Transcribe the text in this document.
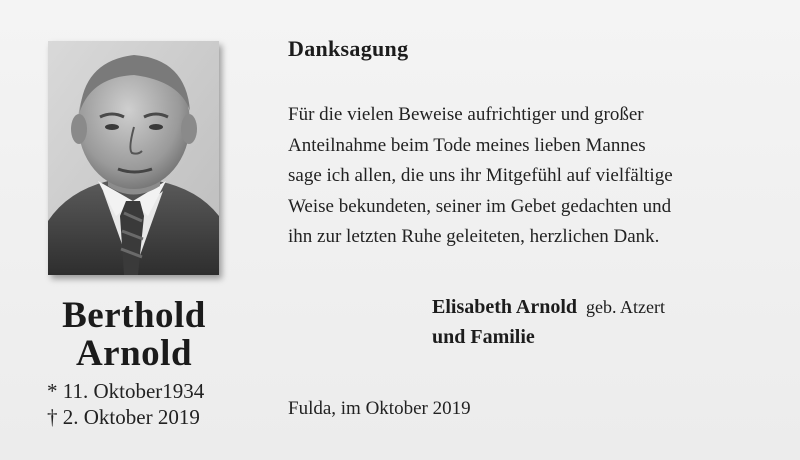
Berthold
Arnold
* 11. Oktober1934
† 2. Oktober 2019
Danksagung
Für die vielen Beweise aufrichtiger und großer
Anteilnahme beim Tode meines lieben Mannes
sage ich allen, die uns ihr Mitgefühl auf vielfältige
Weise bekundeten, seiner im Gebet gedachten und
ihn zur letzten Ruhe geleiteten, herzlichen Dank.
Elisabeth Arnold geb. Atzert
und Familie
Fulda, im Oktober 2019
